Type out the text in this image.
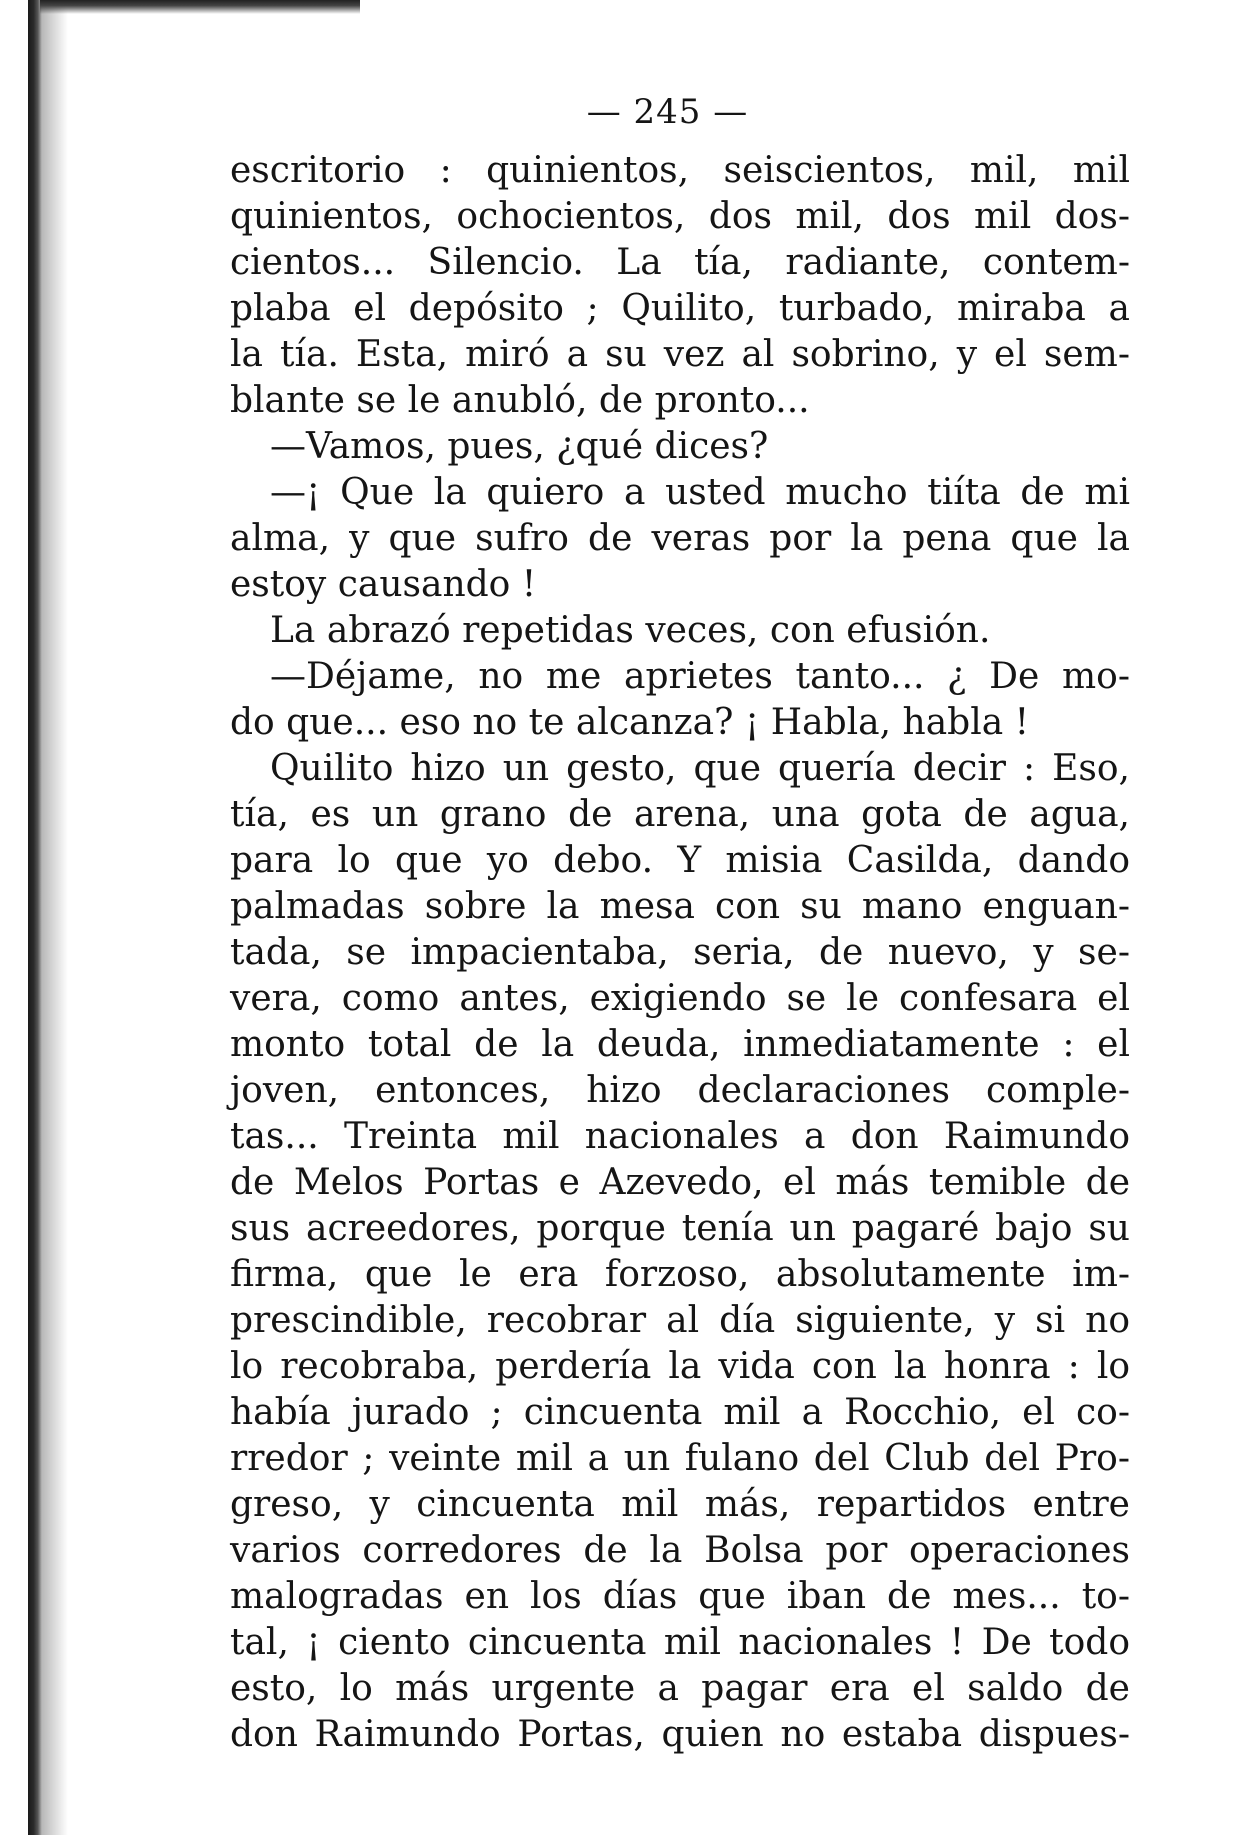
— 245 —
escritorio : quinientos, seiscientos, mil, mil
quinientos, ochocientos, dos mil, dos mil dos-
cientos... Silencio. La tía, radiante, contem-
plaba el depósito ; Quilito, turbado, miraba a
la tía. Esta, miró a su vez al sobrino, y el sem-
blante se le anubló, de pronto...
—Vamos, pues, ¿qué dices?
—¡ Que la quiero a usted mucho tiíta de mi
alma, y que sufro de veras por la pena que la
estoy causando !
La abrazó repetidas veces, con efusión.
—Déjame, no me aprietes tanto... ¿ De mo-
do que... eso no te alcanza? ¡ Habla, habla !
Quilito hizo un gesto, que quería decir : Eso,
tía, es un grano de arena, una gota de agua,
para lo que yo debo. Y misia Casilda, dando
palmadas sobre la mesa con su mano enguan-
tada, se impacientaba, seria, de nuevo, y se-
vera, como antes, exigiendo se le confesara el
monto total de la deuda, inmediatamente : el
joven, entonces, hizo declaraciones comple-
tas... Treinta mil nacionales a don Raimundo
de Melos Portas e Azevedo, el más temible de
sus acreedores, porque tenía un pagaré bajo su
firma, que le era forzoso, absolutamente im-
prescindible, recobrar al día siguiente, y si no
lo recobraba, perdería la vida con la honra : lo
había jurado ; cincuenta mil a Rocchio, el co-
rredor ; veinte mil a un fulano del Club del Pro-
greso, y cincuenta mil más, repartidos entre
varios corredores de la Bolsa por operaciones
malogradas en los días que iban de mes... to-
tal, ¡ ciento cincuenta mil nacionales ! De todo
esto, lo más urgente a pagar era el saldo de
don Raimundo Portas, quien no estaba dispues-
